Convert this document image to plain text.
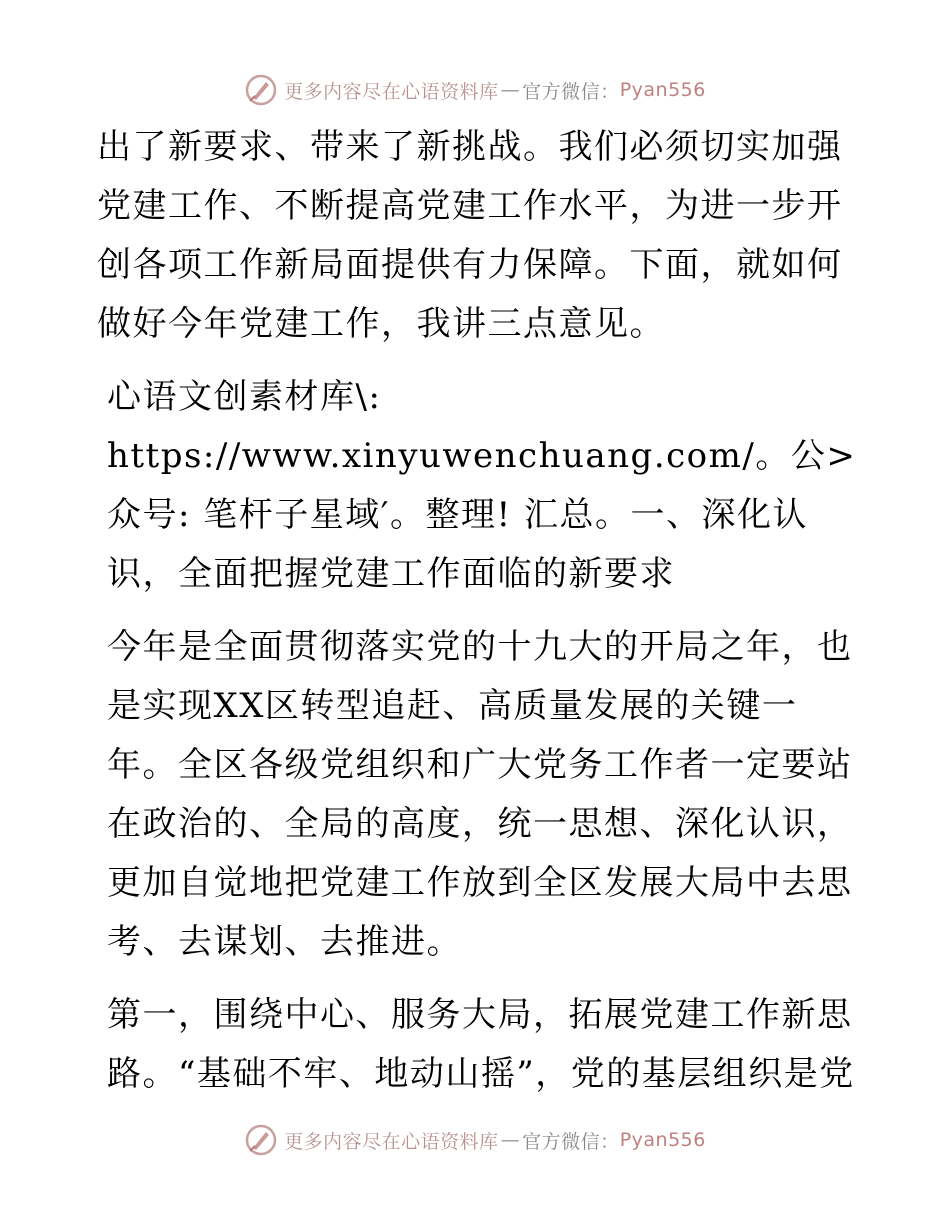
更多内容尽在心语资料库 — 官方微信： Pyan556

出了新要求、带来了新挑战。我们必须切实加强党建工作、不断提高党建工作水平，为进一步开创各项工作新局面提供有力保障。下面，就如何做好今年党建工作，我讲三点意见。

心语文创素材库\: https://www.xinyuwenchuang.com/。公>众号: 笔杆子星域′。整理! 汇总。一、深化认识，全面把握党建工作面临的新要求

今年是全面贯彻落实党的十九大的开局之年，也是实现XX区转型追赶、高质量发展的关键一年。全区各级党组织和广大党务工作者一定要站在政治的、全局的高度，统一思想、深化认识，更加自觉地把党建工作放到全区发展大局中去思考、去谋划、去推进。

第一，围绕中心、服务大局，拓展党建工作新思路。“基础不牢、地动山摇”，党的基层组织是党

更多内容尽在心语资料库 — 官方微信： Pyan556
